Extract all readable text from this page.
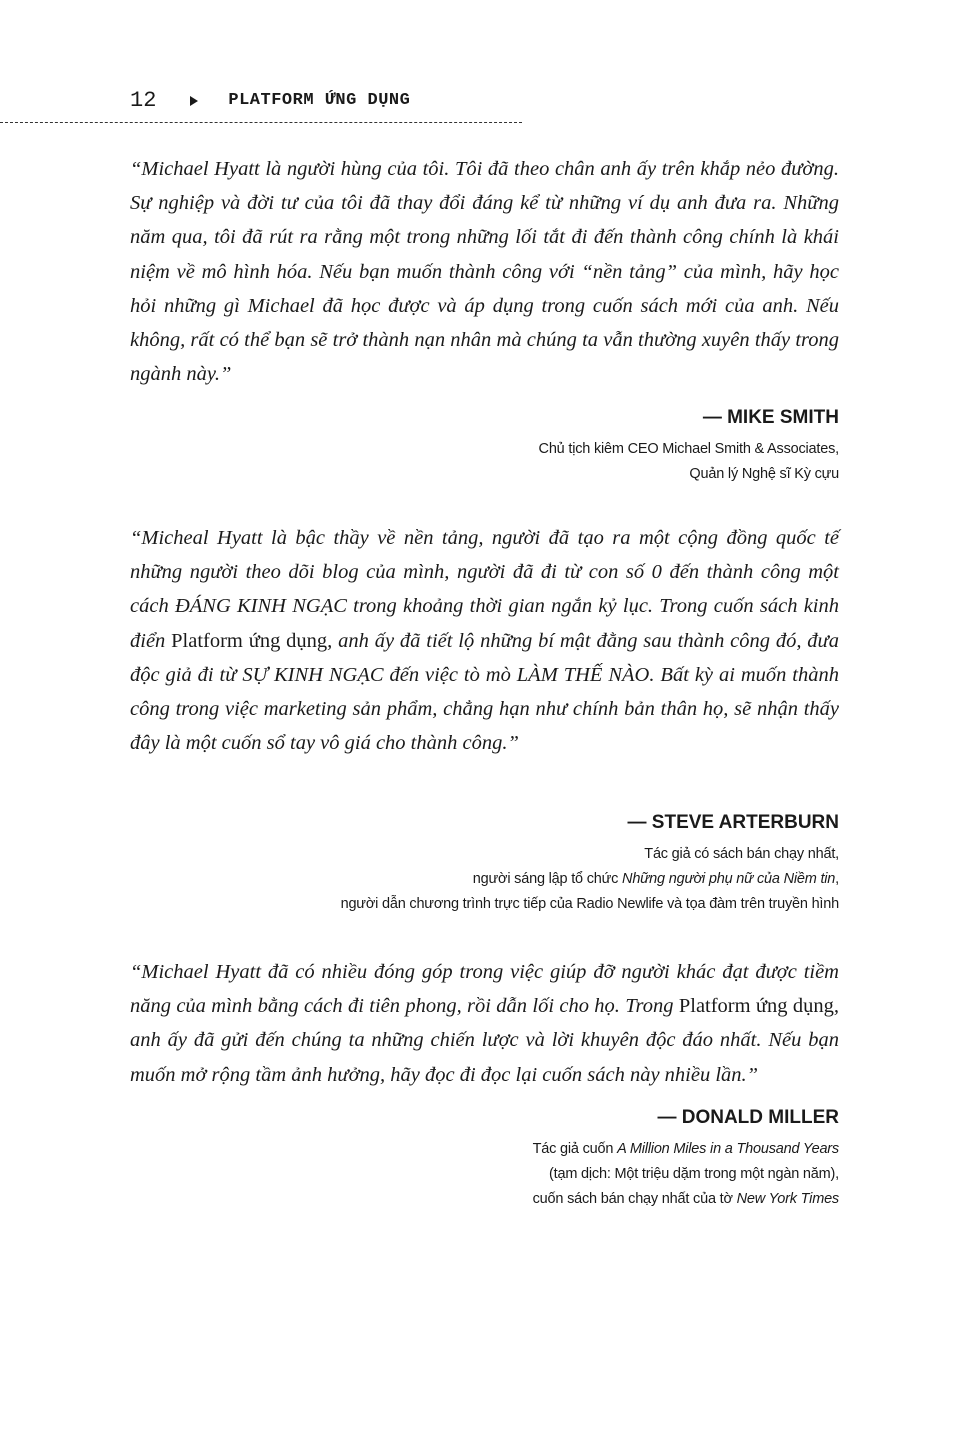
12	PLATFORM ỨNG DỤNG
“Michael Hyatt là người hùng của tôi. Tôi đã theo chân anh ấy trên khắp nẻo đường. Sự nghiệp và đời tư của tôi đã thay đổi đáng kể từ những ví dụ anh đưa ra. Những năm qua, tôi đã rút ra rằng một trong những lối tắt đi đến thành công chính là khái niệm về mô hình hóa. Nếu bạn muốn thành công với “nền tảng” của mình, hãy học hỏi những gì Michael đã học được và áp dụng trong cuốn sách mới của anh. Nếu không, rất có thể bạn sẽ trở thành nạn nhân mà chúng ta vẫn thường xuyên thấy trong ngành này.”
— MIKE SMITH
Chủ tịch kiêm CEO Michael Smith & Associates,
Quản lý Nghệ sĩ Kỳ cựu
“Micheal Hyatt là bậc thầy về nền tảng, người đã tạo ra một cộng đồng quốc tế những người theo dõi blog của mình, người đã đi từ con số 0 đến thành công một cách ĐÁNG KINH NGẠC trong khoảng thời gian ngắn kỷ lục. Trong cuốn sách kinh điển Platform ứng dụng, anh ấy đã tiết lộ những bí mật đằng sau thành công đó, đưa độc giả đi từ SỰ KINH NGẠC đến việc tò mò LÀM THẾ NÀO. Bất kỳ ai muốn thành công trong việc marketing sản phẩm, chẳng hạn như chính bản thân họ, sẽ nhận thấy đây là một cuốn sổ tay vô giá cho thành công.”
— STEVE ARTERBURN
Tác giả có sách bán chạy nhất,
người sáng lập tổ chức Những người phụ nữ của Niềm tin,
người dẫn chương trình trực tiếp của Radio Newlife và tọa đàm trên truyền hình
“Michael Hyatt đã có nhiều đóng góp trong việc giúp đỡ người khác đạt được tiềm năng của mình bằng cách đi tiên phong, rồi dẫn lối cho họ. Trong Platform ứng dụng, anh ấy đã gửi đến chúng ta những chiến lược và lời khuyên độc đáo nhất. Nếu bạn muốn mở rộng tầm ảnh hưởng, hãy đọc đi đọc lại cuốn sách này nhiều lần.”
— DONALD MILLER
Tác giả cuốn A Million Miles in a Thousand Years
(tạm dịch: Một triệu dặm trong một ngàn năm),
cuốn sách bán chạy nhất của tờ New York Times
